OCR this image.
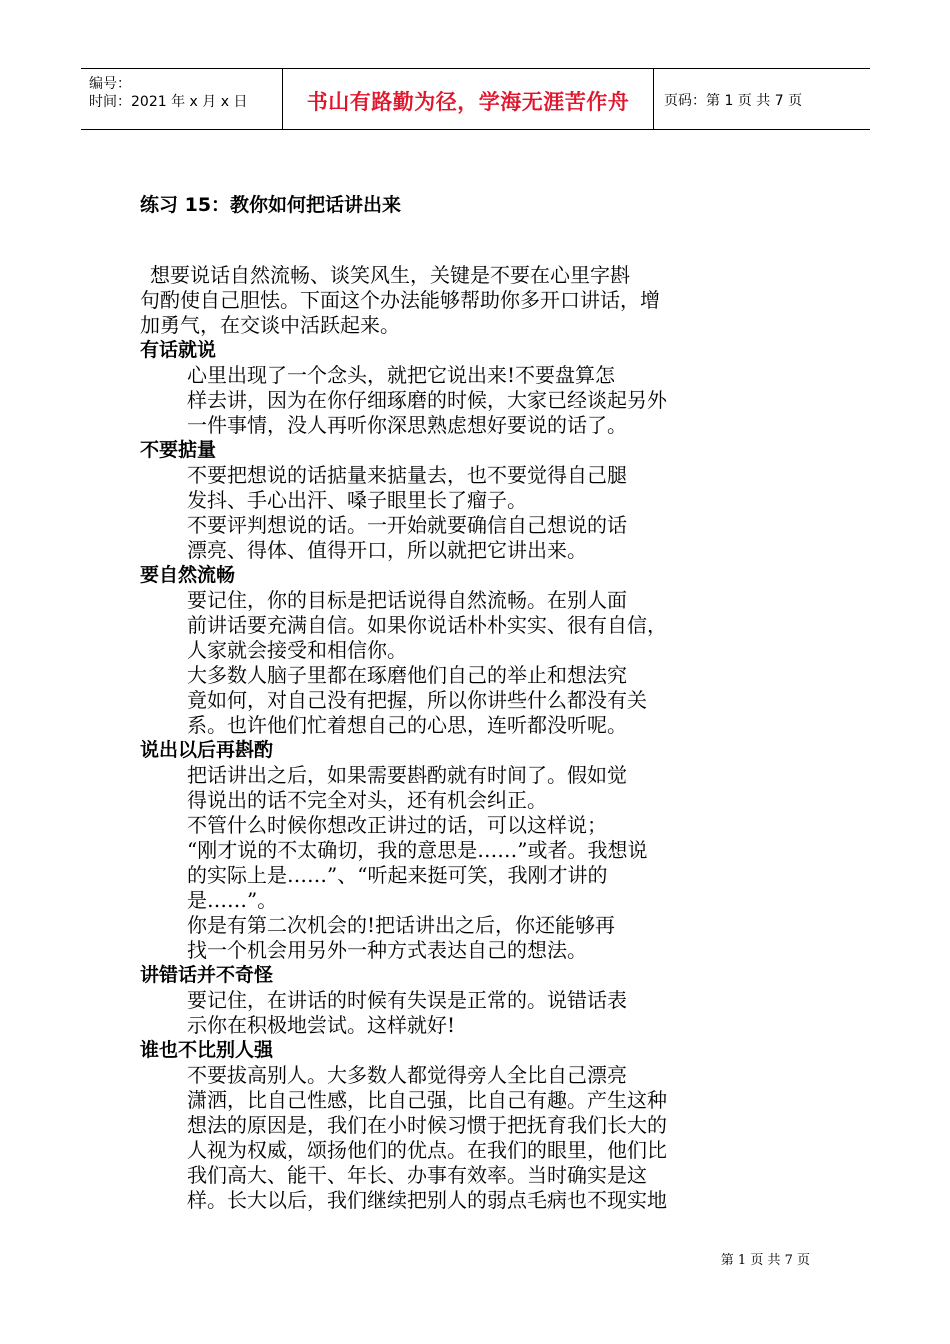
编号：
时间：2021 年 x 月 x 日	书山有路勤为径，学海无涯苦作舟	页码：第 1 页 共 7 页
练习 15：教你如何把话讲出来
想要说话自然流畅、谈笑风生，关键是不要在心里字斟
句酌使自己胆怯。下面这个办法能够帮助你多开口讲话，增
加勇气，在交谈中活跃起来。
有话就说
心里出现了一个念头，就把它说出来!不要盘算怎
样去讲，因为在你仔细琢磨的时候，大家已经谈起另外
一件事情，没人再听你深思熟虑想好要说的话了。
不要掂量
不要把想说的话掂量来掂量去，也不要觉得自己腿
发抖、手心出汗、嗓子眼里长了瘤子。
不要评判想说的话。一开始就要确信自己想说的话
漂亮、得体、值得开口，所以就把它讲出来。
要自然流畅
要记住，你的目标是把话说得自然流畅。在别人面
前讲话要充满自信。如果你说话朴朴实实、很有自信，
人家就会接受和相信你。
大多数人脑子里都在琢磨他们自己的举止和想法究
竟如何，对自己没有把握，所以你讲些什么都没有关
系。也许他们忙着想自己的心思，连听都没听呢。
说出以后再斟酌
把话讲出之后，如果需要斟酌就有时间了。假如觉
得说出的话不完全对头，还有机会纠正。
不管什么时候你想改正讲过的话，可以这样说；
“刚才说的不太确切，我的意思是……”或者。我想说
的实际上是……”、“听起来挺可笑，我刚才讲的
是……”。
你是有第二次机会的!把话讲出之后，你还能够再
找一个机会用另外一种方式表达自己的想法。
讲错话并不奇怪
要记住，在讲话的时候有失误是正常的。说错话表
示你在积极地尝试。这样就好!
谁也不比别人强
不要拔高别人。大多数人都觉得旁人全比自己漂亮
潇洒，比自己性感，比自己强，比自己有趣。产生这种
想法的原因是，我们在小时候习惯于把抚育我们长大的
人视为权威，颂扬他们的优点。在我们的眼里，他们比
我们高大、能干、年长、办事有效率。当时确实是这
样。长大以后，我们继续把别人的弱点毛病也不现实地
第 1 页 共 7 页
